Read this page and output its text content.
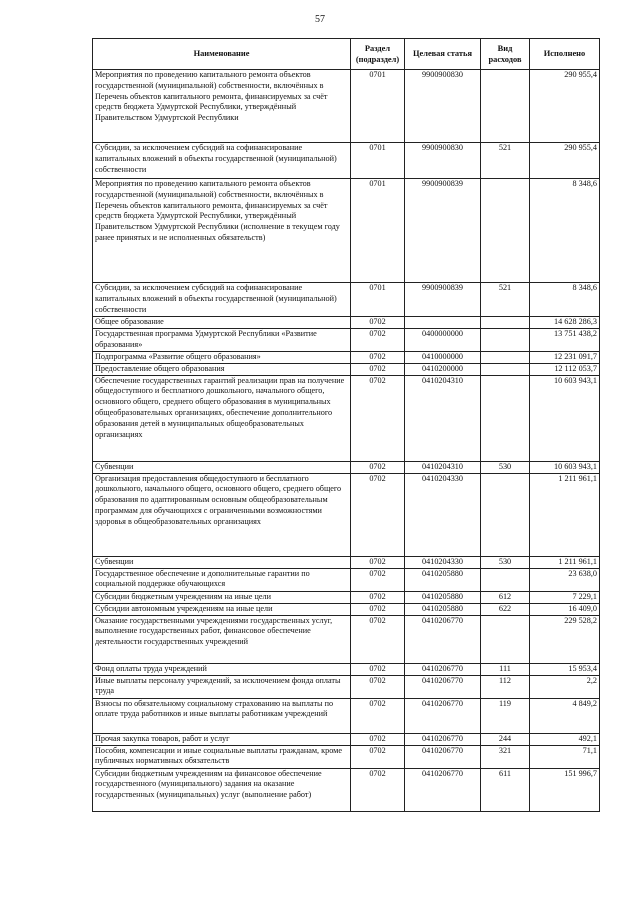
57
Наименование	Раздел (подраздел)	Целевая статья	Вид расходов	Исполнено
Мероприятия по проведению капитального ремонта объектов государственной (муниципальной) собственности, включённых в Перечень объектов капитального ремонта, финансируемых за счёт средств бюджета Удмуртской Республики, утверждённый Правительством Удмуртской Республики	0701	9900900830		290 955,4
Субсидии, за исключением субсидий на софинансирование капитальных вложений в объекты государственной (муниципальной) собственности	0701	9900900830	521	290 955,4
Мероприятия по проведению капитального ремонта объектов государственной (муниципальной) собственности, включённых в Перечень объектов капитального ремонта, финансируемых за счёт средств бюджета Удмуртской Республики, утверждённый Правительством Удмуртской Республики (исполнение в текущем году ранее принятых и не исполненных обязательств)	0701	9900900839		8 348,6
Субсидии, за исключением субсидий на софинансирование капитальных вложений в объекты государственной (муниципальной) собственности	0701	9900900839	521	8 348,6
Общее образование	0702			14 628 286,3
Государственная программа Удмуртской Республики «Развитие образования»	0702	0400000000		13 751 438,2
Подпрограмма «Развитие общего образования»	0702	0410000000		12 231 091,7
Предоставление общего образования	0702	0410200000		12 112 053,7
Обеспечение государственных гарантий реализации прав на получение общедоступного и бесплатного дошкольного, начального общего, основного общего, среднего общего образования в муниципальных общеобразовательных организациях, обеспечение дополнительного образования детей в муниципальных общеобразовательных организациях	0702	0410204310		10 603 943,1
Субвенции	0702	0410204310	530	10 603 943,1
Организация предоставления общедоступного и бесплатного дошкольного, начального общего, основного общего, среднего общего образования по адаптированным основным общеобразовательным программам для обучающихся с ограниченными возможностями здоровья в общеобразовательных организациях	0702	0410204330		1 211 961,1
Субвенции	0702	0410204330	530	1 211 961,1
Государственное обеспечение и дополнительные гарантии по социальной поддержке обучающихся	0702	0410205880		23 638,0
Субсидии бюджетным учреждениям на иные цели	0702	0410205880	612	7 229,1
Субсидии автономным учреждениям на иные цели	0702	0410205880	622	16 409,0
Оказание государственными учреждениями государственных услуг, выполнение государственных работ, финансовое обеспечение деятельности государственных учреждений	0702	0410206770		229 528,2
Фонд оплаты труда учреждений	0702	0410206770	111	15 953,4
Иные выплаты персоналу учреждений, за исключением фонда оплаты труда	0702	0410206770	112	2,2
Взносы по обязательному социальному страхованию на выплаты по оплате труда работников и иные выплаты работникам учреждений	0702	0410206770	119	4 849,2
Прочая закупка товаров, работ и услуг	0702	0410206770	244	492,1
Пособия, компенсации и иные социальные выплаты гражданам, кроме публичных нормативных обязательств	0702	0410206770	321	71,1
Субсидии бюджетным учреждениям на финансовое обеспечение государственного (муниципального) задания на оказание государственных (муниципальных) услуг (выполнение работ)	0702	0410206770	611	151 996,7
